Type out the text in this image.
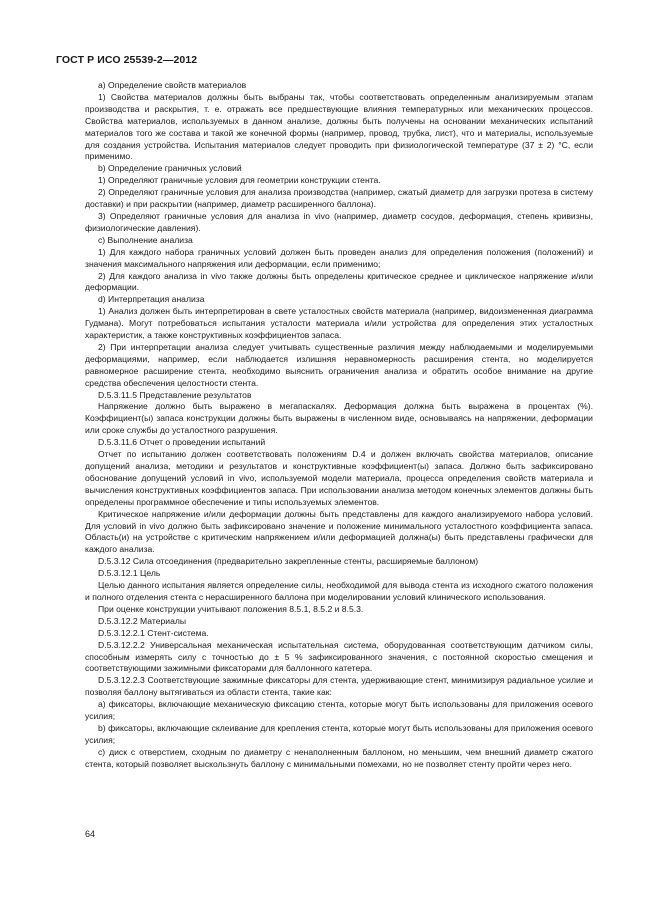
ГОСТ Р ИСО 25539-2—2012

a) Определение свойств материалов

1) Свойства материалов должны быть выбраны так, чтобы соответствовать определенным анализируемым этапам производства и раскрытия, т. е. отражать все предшествующие влияния температурных или механических процессов. Свойства материалов, используемых в данном анализе, должны быть получены на основании механических испытаний материалов того же состава и такой же конечной формы (например, провод, трубка, лист), что и материалы, используемые для создания устройства. Испытания материалов следует проводить при физиологической температуре (37 ± 2) °C, если применимо.

b) Определение граничных условий

1) Определяют граничные условия для геометрии конструкции стента.

2) Определяют граничные условия для анализа производства (например, сжатый диаметр для загрузки протеза в систему доставки) и при раскрытии (например, диаметр расширенного баллона).

3) Определяют граничные условия для анализа in vivo (например, диаметр сосудов, деформация, степень кривизны, физиологические давления).

c) Выполнение анализа

1) Для каждого набора граничных условий должен быть проведен анализ для определения положения (положений) и значения максимального напряжения или деформации, если применимо;

2) Для каждого анализа in vivo также должны быть определены критическое среднее и циклическое напряжение и/или деформации.

d) Интерпретация анализа

1) Анализ должен быть интерпретирован в свете усталостных свойств материала (например, видоизмененная диаграмма Гудмана). Могут потребоваться испытания усталости материала и/или устройства для определения этих усталостных характеристик, а также конструктивных коэффициентов запаса.

2) При интерпретации анализа следует учитывать существенные различия между наблюдаемыми и моделируемыми деформациями, например, если наблюдается излишняя неравномерность расширения стента, но моделируется равномерное расширение стента, необходимо выяснить ограничения анализа и обратить особое внимание на другие средства обеспечения целостности стента.

D.5.3.11.5 Представление результатов

Напряжение должно быть выражено в мегапаскалях. Деформация должна быть выражена в процентах (%). Коэффициент(ы) запаса конструкции должны быть выражены в численном виде, основываясь на напряжении, деформации или сроке службы до усталостного разрушения.

D.5.3.11.6 Отчет о проведении испытаний

Отчет по испытанию должен соответствовать положениям D.4 и должен включать свойства материалов, описание допущений анализа, методики и результатов и конструктивные коэффициент(ы) запаса. Должно быть зафиксировано обоснование допущений условий in vivo, используемой модели материала, процесса определения свойств материала и вычисления конструктивных коэффициентов запаса. При использовании анализа методом конечных элементов должны быть определены программное обеспечение и типы используемых элементов.

Критическое напряжение и/или деформации должны быть представлены для каждого анализируемого набора условий. Для условий in vivo должно быть зафиксировано значение и положение минимального усталостного коэффициента запаса. Область(и) на устройстве с критическим напряжением и/или деформацией должна(ы) быть представлены графически для каждого анализа.

D.5.3.12 Сила отсоединения (предварительно закрепленные стенты, расширяемые баллоном)

D.5.3.12.1 Цель

Целью данного испытания является определение силы, необходимой для вывода стента из исходного сжатого положения и полного отделения стента с нерасширенного баллона при моделировании условий клинического использования.

При оценке конструкции учитывают положения 8.5.1, 8.5.2 и 8.5.3.

D.5.3.12.2 Материалы

D.5.3.12.2.1 Стент-система.

D.5.3.12.2.2 Универсальная механическая испытательная система, оборудованная соответствующим датчиком силы, способным измерять силу с точностью до ± 5 % зафиксированного значения, с постоянной скоростью смещения и соответствующими зажимными фиксаторами для баллонного катетера.

D.5.3.12.2.3 Соответствующие зажимные фиксаторы для стента, удерживающие стент, минимизируя радиальное усилие и позволяя баллону вытягиваться из области стента, такие как:

a) фиксаторы, включающие механическую фиксацию стента, которые могут быть использованы для приложения осевого усилия;

b) фиксаторы, включающие склеивание для крепления стента, которые могут быть использованы для приложения осевого усилия;

c) диск с отверстием, сходным по диаметру с ненаполненным баллоном, но меньшим, чем внешний диаметр сжатого стента, который позволяет выскользнуть баллону с минимальными помехами, но не позволяет стенту пройти через него.

64
